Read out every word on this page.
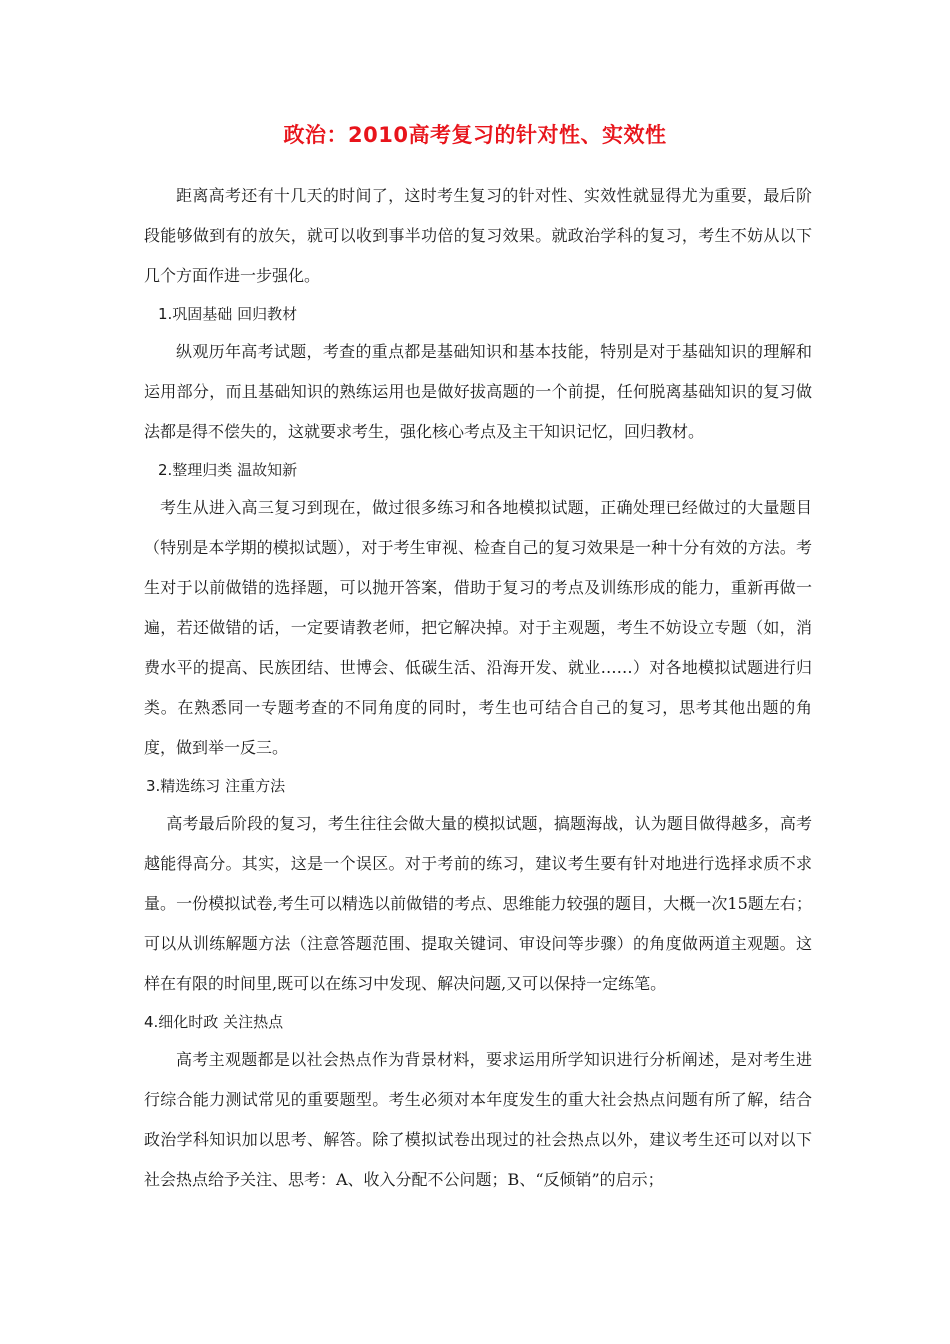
政治：2010高考复习的针对性、实效性

距离高考还有十几天的时间了，这时考生复习的针对性、实效性就显得尤为重要，最后阶段能够做到有的放矢，就可以收到事半功倍的复习效果。就政治学科的复习，考生不妨从以下几个方面作进一步强化。

1.巩固基础 回归教材

纵观历年高考试题，考查的重点都是基础知识和基本技能，特别是对于基础知识的理解和运用部分，而且基础知识的熟练运用也是做好拔高题的一个前提，任何脱离基础知识的复习做法都是得不偿失的，这就要求考生，强化核心考点及主干知识记忆，回归教材。

2.整理归类 温故知新

考生从进入高三复习到现在，做过很多练习和各地模拟试题，正确处理已经做过的大量题目（特别是本学期的模拟试题），对于考生审视、检查自己的复习效果是一种十分有效的方法。考生对于以前做错的选择题，可以抛开答案，借助于复习的考点及训练形成的能力，重新再做一遍，若还做错的话，一定要请教老师，把它解决掉。对于主观题，考生不妨设立专题（如，消费水平的提高、民族团结、世博会、低碳生活、沿海开发、就业……）对各地模拟试题进行归类。在熟悉同一专题考查的不同角度的同时，考生也可结合自己的复习，思考其他出题的角度，做到举一反三。

3.精选练习 注重方法

高考最后阶段的复习，考生往往会做大量的模拟试题，搞题海战，认为题目做得越多，高考越能得高分。其实，这是一个误区。对于考前的练习，建议考生要有针对地进行选择求质不求量。一份模拟试卷,考生可以精选以前做错的考点、思维能力较强的题目，大概一次15题左右；可以从训练解题方法（注意答题范围、提取关键词、审设问等步骤）的角度做两道主观题。这样在有限的时间里,既可以在练习中发现、解决问题,又可以保持一定练笔。

4.细化时政 关注热点

高考主观题都是以社会热点作为背景材料，要求运用所学知识进行分析阐述，是对考生进行综合能力测试常见的重要题型。考生必须对本年度发生的重大社会热点问题有所了解，结合政治学科知识加以思考、解答。除了模拟试卷出现过的社会热点以外，建议考生还可以对以下社会热点给予关注、思考：A、收入分配不公问题；B、“反倾销”的启示；
